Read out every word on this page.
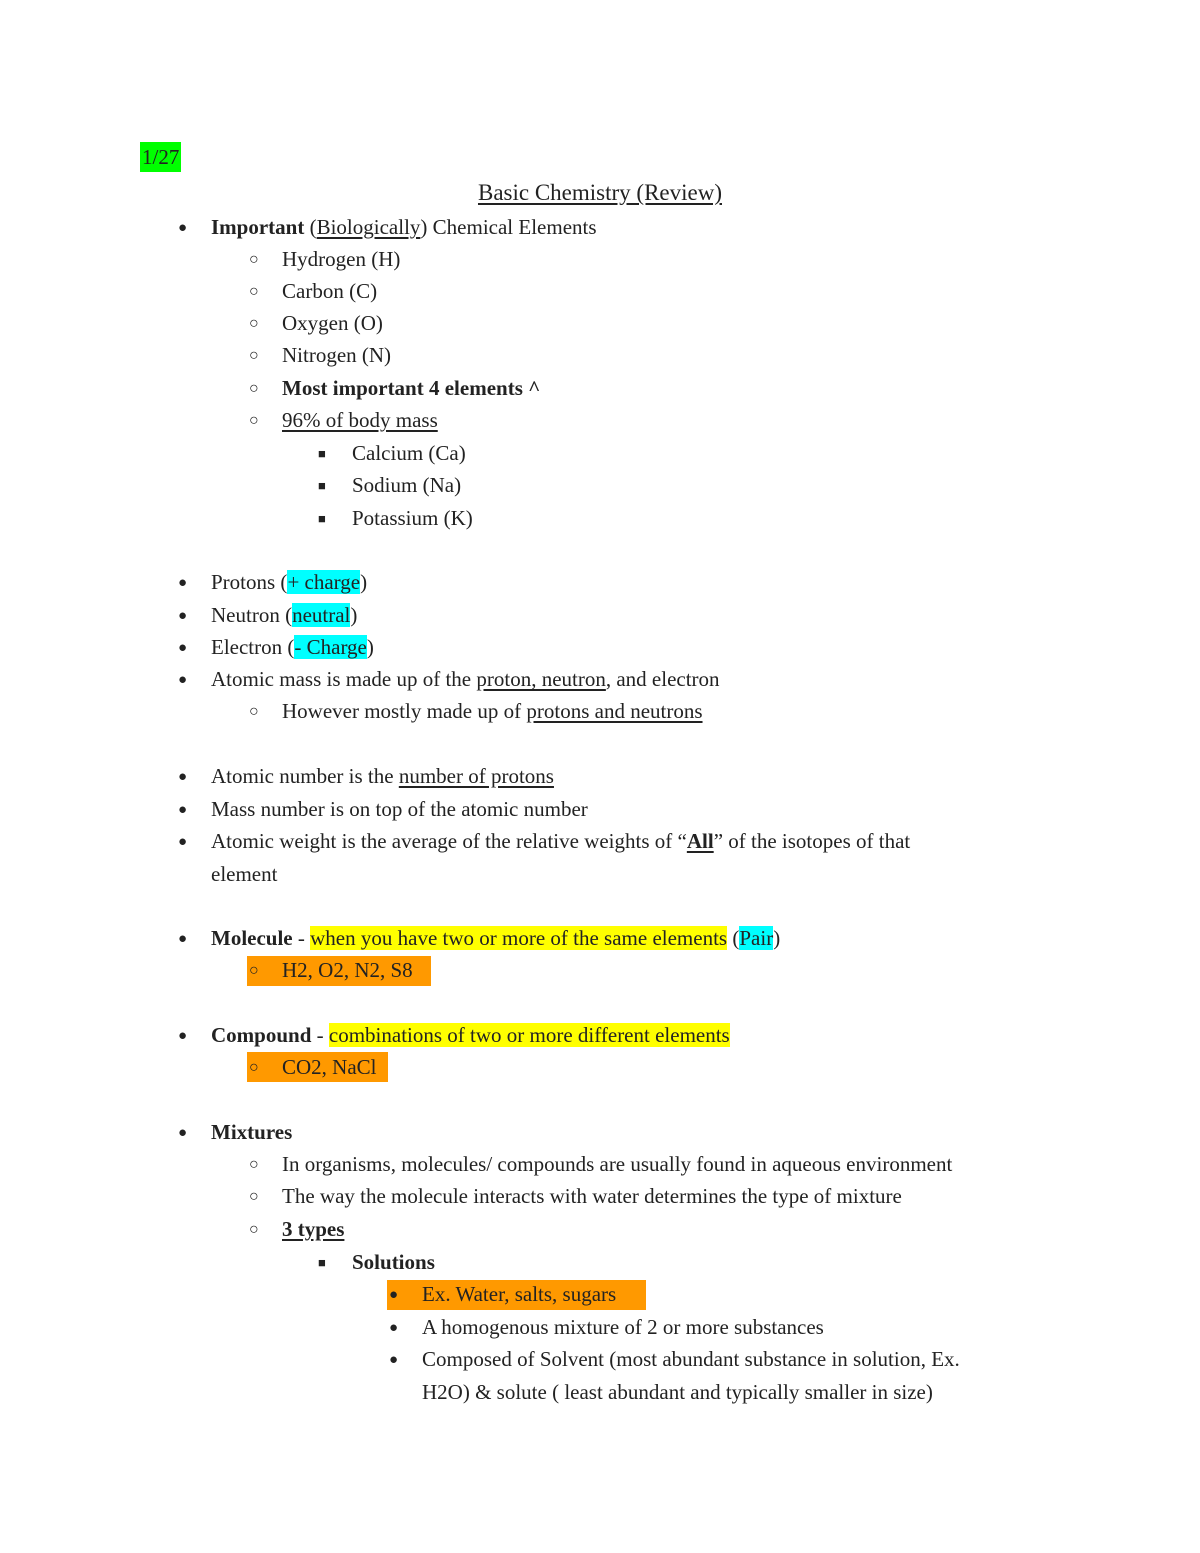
1/27
Basic Chemistry (Review)
● Important (Biologically) Chemical Elements
○ Hydrogen (H)
○ Carbon (C)
○ Oxygen (O)
○ Nitrogen (N)
○ Most important 4 elements ^
○ 96% of body mass
■ Calcium (Ca)
■ Sodium (Na)
■ Potassium (K)
● Protons (+ charge)
● Neutron (neutral)
● Electron (- Charge)
● Atomic mass is made up of the proton, neutron, and electron
○ However mostly made up of protons and neutrons
● Atomic number is the number of protons
● Mass number is on top of the atomic number
● Atomic weight is the average of the relative weights of “All” of the isotopes of that
element
● Molecule - when you have two or more of the same elements (Pair)
○ H2, O2, N2, S8
● Compound - combinations of two or more different elements
○ CO2, NaCl
● Mixtures
○ In organisms, molecules/ compounds are usually found in aqueous environment
○ The way the molecule interacts with water determines the type of mixture
○ 3 types
■ Solutions
● Ex. Water, salts, sugars
● A homogenous mixture of 2 or more substances
● Composed of Solvent (most abundant substance in solution, Ex.
H2O) & solute ( least abundant and typically smaller in size)
